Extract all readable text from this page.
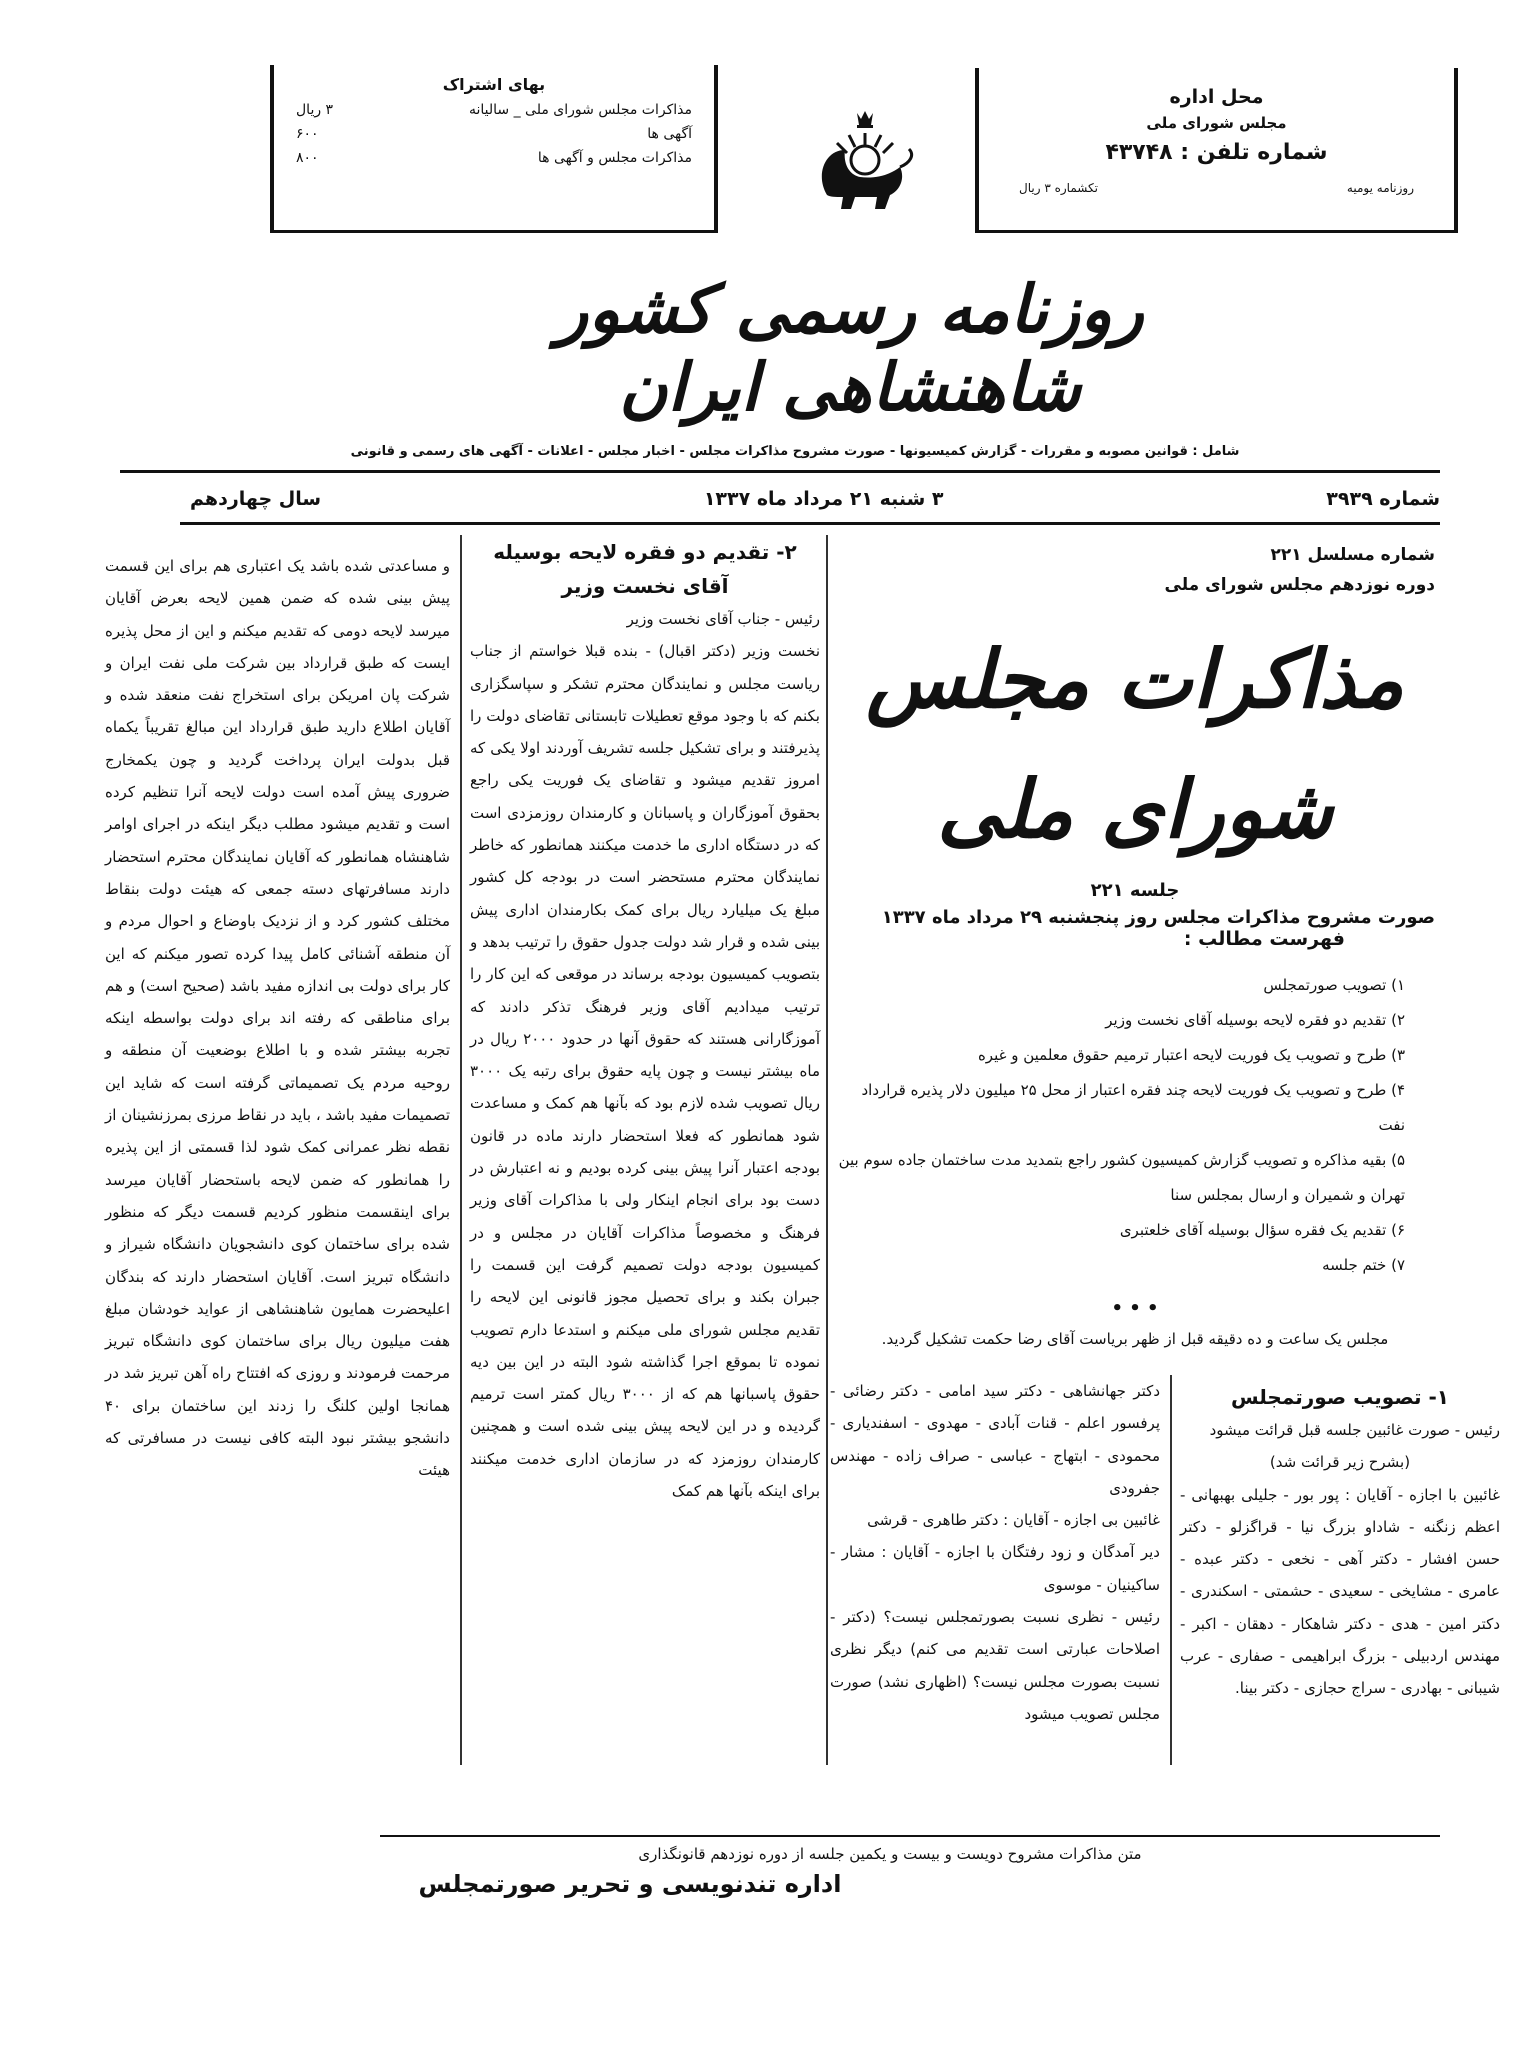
بهای اشتراک
مذاکرات مجلس شورای ملی _ سالیانه
۳ ریال
آگهی ها
۶۰۰
مذاکرات مجلس و آگهی ها
۸۰۰
محل اداره
مجلس شورای ملی
شماره تلفن : ۴۳۷۴۸
روزنامه یومیه
تکشماره ۳ ریال
روزنامه رسمی کشور شاهنشاهی ایران
شامل : قوانین مصوبه و مقررات - گزارش کمیسیونها - صورت مشروح مذاکرات مجلس - اخبار مجلس - اعلانات - آگهی های رسمی و قانونی
شماره ۳۹۳۹
۳ شنبه ۲۱ مرداد ماه ۱۳۳۷
سال چهاردهم
شماره مسلسل ۲۲۱
دوره نوزدهم مجلس شورای ملی
مذاکرات مجلس شورای ملی
جلسه ۲۲۱
صورت مشروح مذاکرات مجلس روز پنجشنبه ۲۹ مرداد ماه ۱۳۳۷
فهرست مطالب :
۱) تصویب صورتمجلس
۲) تقدیم دو فقره لایحه بوسیله آقای نخست وزیر
۳) طرح و تصویب یک فوریت لایحه اعتبار ترمیم حقوق معلمین و غیره
۴) طرح و تصویب یک فوریت لایحه چند فقره اعتبار از محل ۲۵ میلیون دلار پذیره قرارداد نفت
۵) بقیه مذاکره و تصویب گزارش کمیسیون کشور راجع بتمدید مدت ساختمان جاده سوم بین تهران و شمیران و ارسال بمجلس سنا
۶) تقدیم یک فقره سؤال بوسیله آقای خلعتبری
۷) ختم جلسه
• • •
مجلس یک ساعت و ده دقیقه قبل از ظهر بریاست آقای رضا حکمت تشکیل گردید.
۱- تصویب صورتمجلس

رئیس - صورت غائبین جلسه قبل قرائت میشود

(بشرح زیر قرائت شد)

غائبین با اجازه - آقایان : پور بور - جلیلی بهبهانی - اعظم زنگنه - شاداو بزرگ نیا - قراگزلو - دکتر حسن افشار - دکتر آهی - نخعی - دکتر عبده - عامری - مشایخی - سعیدی - حشمتی - اسکندری - دکتر امین - هدی - دکتر شاهکار - دهقان - اکبر - مهندس اردبیلی - بزرگ ابراهیمی - صفاری - عرب شیبانی - بهادری - سراج حجازی - دکتر بینا.

دکتر جهانشاهی - دکتر سید امامی - دکتر رضائی - پرفسور اعلم - قنات آبادی - مهدوی - اسفندیاری - محمودی - ابتهاج - عباسی - صراف زاده - مهندس جفرودی

غائبین بی اجازه - آقایان : دکتر طاهری - قرشی

دیر آمدگان و زود رفتگان با اجازه - آقایان : مشار - ساکینیان - موسوی

رئیس - نظری نسبت بصورتمجلس نیست؟ (دکتر - اصلاحات عبارتی است تقدیم می کنم) دیگر نظری نسبت بصورت مجلس نیست؟ (اظهاری نشد) صورت مجلس تصویب میشود

۲- تقدیم دو فقره لایحه بوسیله آقای نخست وزیر

رئیس - جناب آقای نخست وزیر

نخست وزیر (دکتر اقبال) - بنده قبلا خواستم از جناب ریاست مجلس و نمایندگان محترم تشکر و سپاسگزاری بکنم که با وجود موقع تعطیلات تابستانی تقاضای دولت را پذیرفتند و برای تشکیل جلسه تشریف آوردند اولا یکی که امروز تقدیم میشود و تقاضای یک فوریت یکی راجع بحقوق آموزگاران و پاسبانان و کارمندان روزمزدی است که در دستگاه اداری ما خدمت میکنند همانطور که خاطر نمایندگان محترم مستحضر است در بودجه کل کشور مبلغ یک میلیارد ریال برای کمک بکارمندان اداری پیش بینی شده و قرار شد دولت جدول حقوق را ترتیب بدهد و بتصویب کمیسیون بودجه برساند در موقعی که این کار را ترتیب میدادیم آقای وزیر فرهنگ تذکر دادند که آموزگارانی هستند که حقوق آنها در حدود ۲۰۰۰ ریال در ماه بیشتر نیست و چون پایه حقوق برای رتبه یک ۳۰۰۰ ریال تصویب شده لازم بود که بآنها هم کمک و مساعدت شود همانطور که فعلا استحضار دارند ماده در قانون بودجه اعتبار آنرا پیش بینی کرده بودیم و نه اعتبارش در دست بود برای انجام اینکار ولی با مذاکرات آقای وزیر فرهنگ و مخصوصاً مذاکرات آقایان در مجلس و در کمیسیون بودجه دولت تصمیم گرفت این قسمت را جبران بکند و برای تحصیل مجوز قانونی این لایحه را تقدیم مجلس شورای ملی میکنم و استدعا دارم تصویب نموده تا بموقع اجرا گذاشته شود البته در این بین دیه حقوق پاسبانها هم که از ۳۰۰۰ ریال کمتر است ترمیم گردیده و در این لایحه پیش بینی شده است و همچنین کارمندان روزمزد که در سازمان اداری خدمت میکنند برای اینکه بآنها هم کمک

و مساعدتی شده باشد یک اعتباری هم برای این قسمت پیش بینی شده که ضمن همین لایحه بعرض آقایان میرسد لایحه دومی که تقدیم میکنم و این از محل پذیره ایست که طبق قرارداد بین شرکت ملی نفت ایران و شرکت پان امریکن برای استخراج نفت منعقد شده و آقایان اطلاع دارید طبق قرارداد این مبالغ تقریباً یکماه قبل بدولت ایران پرداخت گردید و چون یکمخارج ضروری پیش آمده است دولت لایحه آنرا تنظیم کرده است و تقدیم میشود مطلب دیگر اینکه در اجرای اوامر شاهنشاه همانطور که آقایان نمایندگان محترم استحضار دارند مسافرتهای دسته جمعی که هیئت دولت بنقاط مختلف کشور کرد و از نزدیک باوضاع و احوال مردم و آن منطقه آشنائی کامل پیدا کرده تصور میکنم که این کار برای دولت بی اندازه مفید باشد (صحیح است) و هم برای مناطقی که رفته اند برای دولت بواسطه اینکه تجربه بیشتر شده و با اطلاع بوضعیت آن منطقه و روحیه مردم یک تصمیماتی گرفته است که شاید این تصمیمات مفید باشد ، باید در نقاط مرزی بمرزنشینان از نقطه نظر عمرانی کمک شود لذا قسمتی از این پذیره را همانطور که ضمن لایحه باستحضار آقایان میرسد برای اینقسمت منظور کردیم قسمت دیگر که منظور شده برای ساختمان کوی دانشجویان دانشگاه شیراز و دانشگاه تبریز است. آقایان استحضار دارند که بندگان اعلیحضرت همایون شاهنشاهی از عواید خودشان مبلغ هفت میلیون ریال برای ساختمان کوی دانشگاه تبریز مرحمت فرمودند و روزی که افتتاح راه آهن تبریز شد در همانجا اولین کلنگ را زدند این ساختمان برای ۴۰ دانشجو بیشتر نبود البته کافی نیست در مسافرتی که هیئت

متن مذاکرات مشروح دویست و بیست و یکمین جلسه از دوره نوزدهم قانونگذاری
اداره تندنویسی و تحریر صورتمجلس
